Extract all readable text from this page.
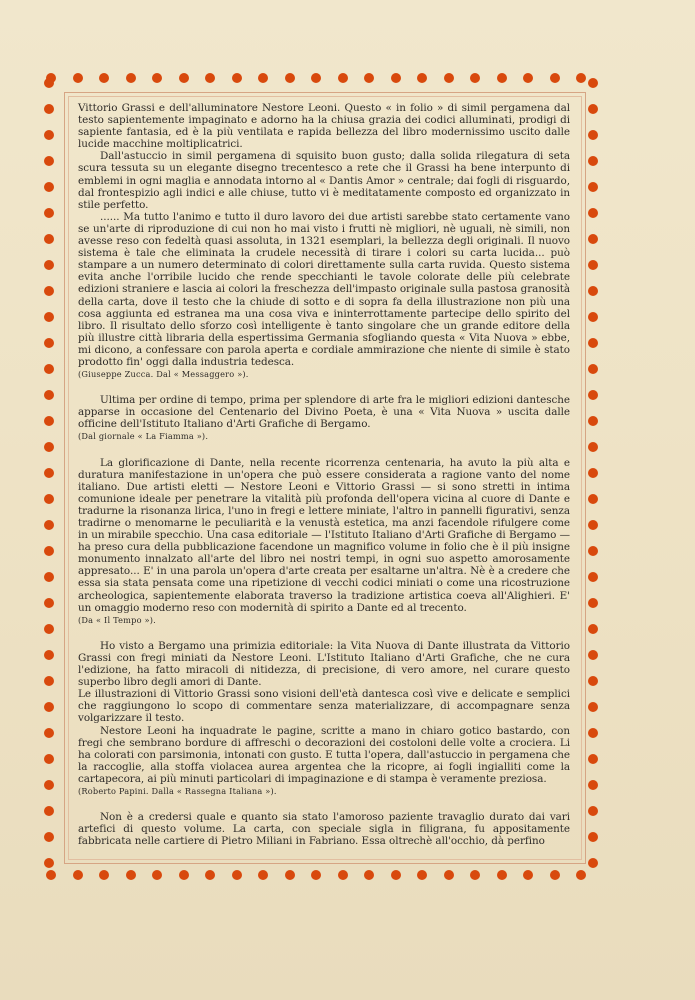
Vittorio Grassi e dell'alluminatore Nestore Leoni. Questo « in folio » di simil pergamena dal testo sapientemente impaginato e adorno ha la chiusa grazia dei codici alluminati, prodigi di sapiente fantasia, ed è la più ventilata e rapida bellezza del libro modernissimo uscito dalle lucide macchine moltiplicatrici.

Dall'astuccio in simil pergamena di squisito buon gusto; dalla solida rilegatura di seta scura tessuta su un elegante disegno trecentesco a rete che il Grassi ha bene interpunto di emblemi in ogni maglia e annodata intorno al « Dantis Amor » centrale; dai fogli di risguardo, dal frontespizio agli indici e alle chiuse, tutto vi è meditatamente composto ed organizzato in stile perfetto.

...... Ma tutto l'animo e tutto il duro lavoro dei due artisti sarebbe stato certamente vano se un'arte di riproduzione di cui non ho mai visto i frutti nè migliori, nè uguali, nè simili, non avesse reso con fedeltà quasi assoluta, in 1321 esemplari, la bellezza degli originali. Il nuovo sistema è tale che eliminata la crudele necessità di tirare i colori su carta lucida... può stampare a un numero determinato di colori direttamente sulla carta ruvida. Questo sistema evita anche l'orribile lucido che rende specchianti le tavole colorate delle più celebrate edizioni straniere e lascia ai colori la freschezza dell'impasto originale sulla pastosa granosità della carta, dove il testo che la chiude di sotto e di sopra fa della illustrazione non più una cosa aggiunta ed estranea ma una cosa viva e ininterrottamente partecipe dello spirito del libro. Il risultato dello sforzo così intelligente è tanto singolare che un grande editore della più illustre città libraria della espertissima Germania sfogliando questa « Vita Nuova » ebbe, mi dicono, a confessare con parola aperta e cordiale ammirazione che niente di simile è stato prodotto fin' oggi dalla industria tedesca.

(Giuseppe Zucca. Dal « Messaggero »).

Ultima per ordine di tempo, prima per splendore di arte fra le migliori edizioni dantesche apparse in occasione del Centenario del Divino Poeta, è una « Vita Nuova » uscita dalle officine dell'Istituto Italiano d'Arti Grafiche di Bergamo.

(Dal giornale « La Fiamma »).

La glorificazione di Dante, nella recente ricorrenza centenaria, ha avuto la più alta e duratura manifestazione in un'opera che può essere considerata a ragione vanto del nome italiano. Due artisti eletti — Nestore Leoni e Vittorio Grassi — si sono stretti in intima comunione ideale per penetrare la vitalità più profonda dell'opera vicina al cuore di Dante e tradurne la risonanza lirica, l'uno in fregi e lettere miniate, l'altro in pannelli figurativi, senza tradirne o menomarne le peculiarità e la venustà estetica, ma anzi facendole rifulgere come in un mirabile specchio. Una casa editoriale — l'Istituto Italiano d'Arti Grafiche di Bergamo — ha preso cura della pubblicazione facendone un magnifico volume in folio che è il più insigne monumento innalzato all'arte del libro nei nostri tempi, in ogni suo aspetto amorosamente appresato... E' in una parola un'opera d'arte creata per esaltarne un'altra. Nè è a credere che essa sia stata pensata come una ripetizione di vecchi codici miniati o come una ricostruzione archeologica, sapientemente elaborata traverso la tradizione artistica coeva all'Alighieri. E' un omaggio moderno reso con modernità di spirito a Dante ed al trecento.

(Da « Il Tempo »).

Ho visto a Bergamo una primizia editoriale: la Vita Nuova di Dante illustrata da Vittorio Grassi con fregi miniati da Nestore Leoni. L'Istituto Italiano d'Arti Grafiche, che ne cura l'edizione, ha fatto miracoli di nitidezza, di precisione, di vero amore, nel curare questo superbo libro degli amori di Dante.

Le illustrazioni di Vittorio Grassi sono visioni dell'età dantesca così vive e delicate e semplici che raggiungono lo scopo di commentare senza materializzare, di accompagnare senza volgarizzare il testo.

Nestore Leoni ha inquadrate le pagine, scritte a mano in chiaro gotico bastardo, con fregi che sembrano bordure di affreschi o decorazioni dei costoloni delle volte a crociera. Li ha colorati con parsimonia, intonati con gusto. E tutta l'opera, dall'astuccio in pergamena che la raccoglie, alla stoffa violacea aurea argentea che la ricopre, ai fogli ingialliti come la cartapecora, ai più minuti particolari di impaginazione e di stampa è veramente preziosa.

(Roberto Papini. Dalla « Rassegna Italiana »).

Non è a credersi quale e quanto sia stato l'amoroso paziente travaglio durato dai vari artefici di questo volume. La carta, con speciale sigla in filigrana, fu appositamente fabbricata nelle cartiere di Pietro Miliani in Fabriano. Essa oltrechè all'occhio, dà perfino
